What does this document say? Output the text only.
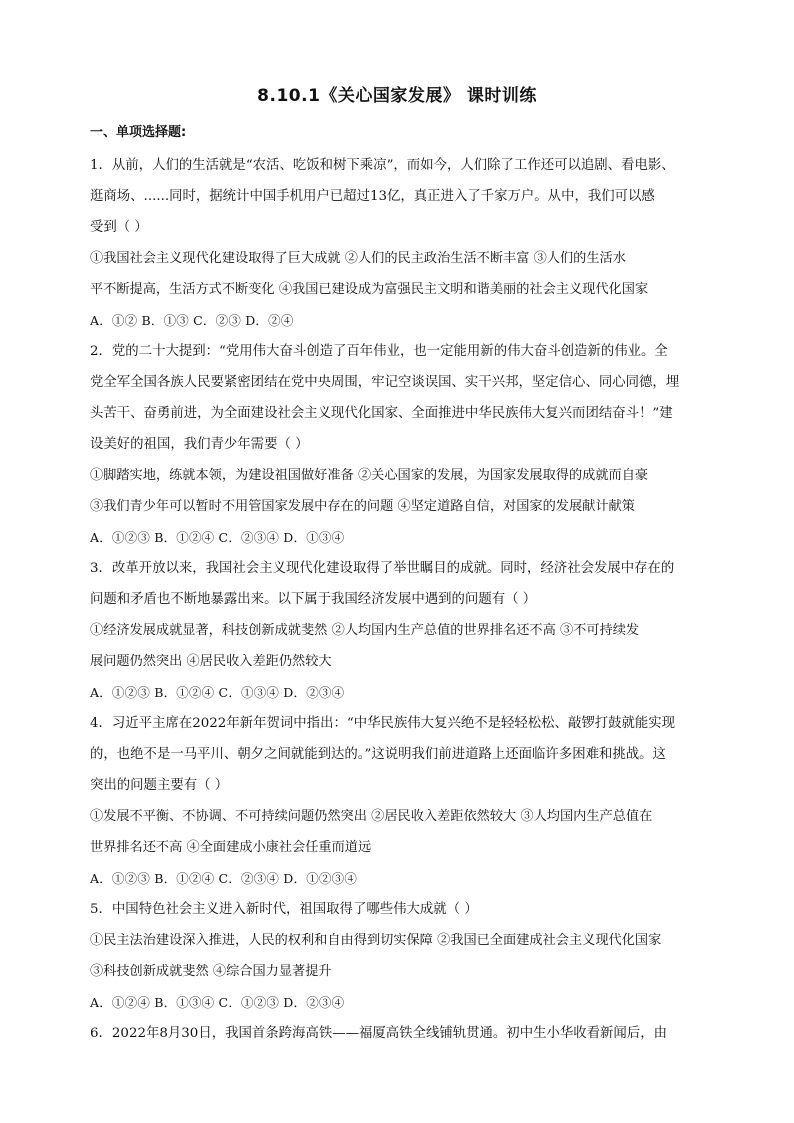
8.10.1《关心国家发展》 课时训练
一、单项选择题:
1．从前，人们的生活就是“农活、吃饭和树下乘凉”，而如今，人们除了工作还可以追剧、看电影、
逛商场、......同时，据统计中国手机用户已超过13亿，真正进入了千家万户。从中，我们可以感
受到（ ）
①我国社会主义现代化建设取得了巨大成就 ②人们的民主政治生活不断丰富 ③人们的生活水
平不断提高，生活方式不断变化 ④我国已建设成为富强民主文明和谐美丽的社会主义现代化国家
A．①② B．①③ C．②③ D．②④
2．党的二十大提到：“党用伟大奋斗创造了百年伟业，也一定能用新的伟大奋斗创造新的伟业。全
党全军全国各族人民要紧密团结在党中央周围，牢记空谈误国、实干兴邦，坚定信心、同心同德，埋
头苦干、奋勇前进，为全面建设社会主义现代化国家、全面推进中华民族伟大复兴而团结奋斗！”建
设美好的祖国，我们青少年需要（ ）
①脚踏实地，练就本领，为建设祖国做好准备 ②关心国家的发展，为国家发展取得的成就而自豪
③我们青少年可以暂时不用管国家发展中存在的问题 ④坚定道路自信，对国家的发展献计献策
A．①②③ B．①②④ C．②③④ D．①③④
3．改革开放以来，我国社会主义现代化建设取得了举世瞩目的成就。同时，经济社会发展中存在的
问题和矛盾也不断地暴露出来。以下属于我国经济发展中遇到的问题有（ ）
①经济发展成就显著，科技创新成就斐然 ②人均国内生产总值的世界排名还不高 ③不可持续发
展问题仍然突出 ④居民收入差距仍然较大
A．①②③ B．①②④ C．①③④ D．②③④
4．习近平主席在2022年新年贺词中指出：“中华民族伟大复兴绝不是轻轻松松、敲锣打鼓就能实现
的，也绝不是一马平川、朝夕之间就能到达的。”这说明我们前进道路上还面临许多困难和挑战。这
突出的问题主要有（ ）
①发展不平衡、不协调、不可持续问题仍然突出 ②居民收入差距依然较大 ③人均国内生产总值在
世界排名还不高 ④全面建成小康社会任重而道远
A．①②③ B．①②④ C．②③④ D．①②③④
5．中国特色社会主义进入新时代，祖国取得了哪些伟大成就（ ）
①民主法治建设深入推进，人民的权利和自由得到切实保障 ②我国已全面建成社会主义现代化国家
③科技创新成就斐然 ④综合国力显著提升
A．①②④ B．①③④ C．①②③ D．②③④
6．2022年8月30日，我国首条跨海高铁——福厦高铁全线铺轨贯通。初中生小华收看新闻后，由
